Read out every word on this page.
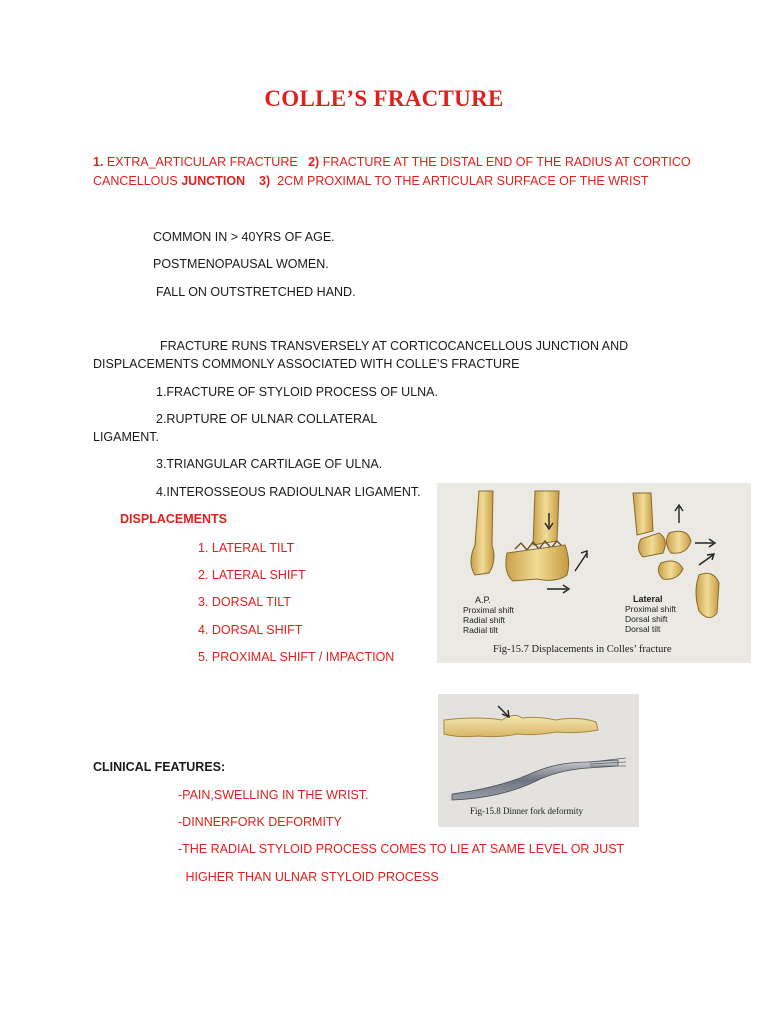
COLLE’S FRACTURE
1. EXTRA_ARTICULAR FRACTURE   2) FRACTURE AT THE DISTAL END OF THE RADIUS AT CORTICO
CANCELLOUS JUNCTION 3)  2CM PROXIMAL TO THE ARTICULAR SURFACE OF THE WRIST
COMMON IN > 40YRS OF AGE.
POSTMENOPAUSAL WOMEN.
FALL ON OUTSTRETCHED HAND.
FRACTURE RUNS TRANSVERSELY AT CORTICOCANCELLOUS JUNCTION AND
DISPLACEMENTS COMMONLY ASSOCIATED WITH COLLE’S FRACTURE
1.FRACTURE OF STYLOID PROCESS OF ULNA.
2.RUPTURE OF ULNAR COLLATERAL
LIGAMENT.
3.TRIANGULAR CARTILAGE OF ULNA.
4.INTEROSSEOUS RADIOULNAR LIGAMENT.
DISPLACEMENTS
1. LATERAL TILT
2. LATERAL SHIFT
3. DORSAL TILT
4. DORSAL SHIFT
5. PROXIMAL SHIFT / IMPACTION
A.P.
Proximal shift
Radial shift
Radial tilt
Lateral
Proximal shift
Dorsal shift
Dorsal tilt
Fig-15.7 Displacements in Colles’ fracture
Fig-15.8 Dinner fork deformity
CLINICAL FEATURES:
-PAIN,SWELLING IN THE WRIST.
-DINNERFORK DEFORMITY
-THE RADIAL STYLOID PROCESS COMES TO LIE AT SAME LEVEL OR JUST
HIGHER THAN ULNAR STYLOID PROCESS
